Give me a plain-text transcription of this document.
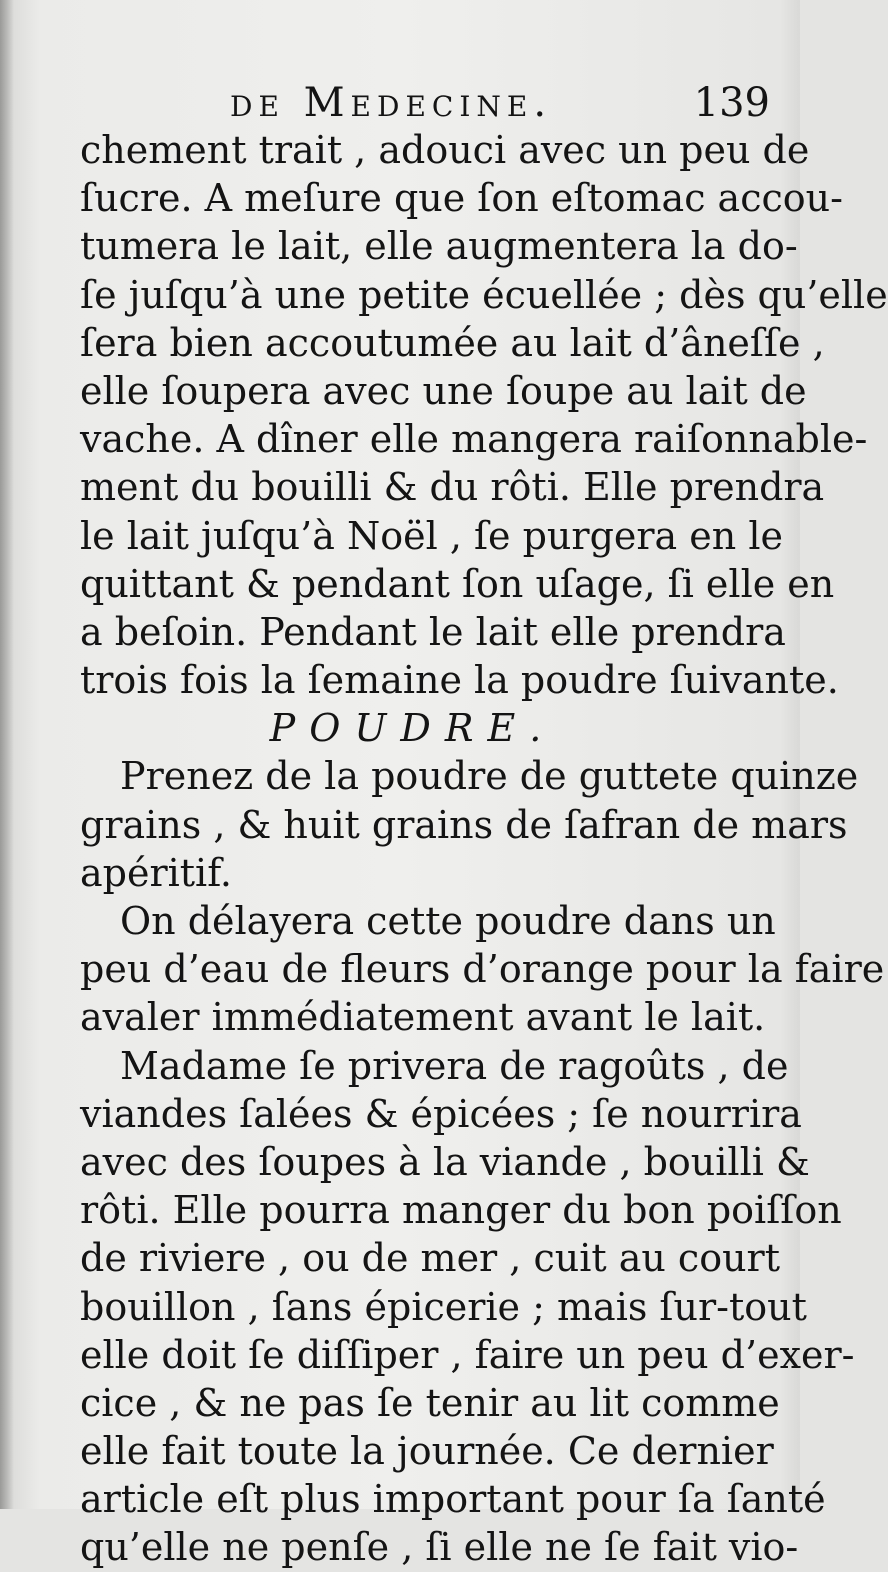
de Medecine.	139
chement trait , adouci avec un peu de
ſucre. A meſure que ſon eſtomac accou-
tumera le lait, elle augmentera la do-
ſe juſqu’à une petite écuellée ; dès qu’elle
ſera bien accoutumée au lait d’âneſſe ,
elle ſoupera avec une ſoupe au lait de
vache. A dîner elle mangera raiſonnable-
ment du bouilli & du rôti. Elle prendra
le lait juſqu’à Noël , ſe purgera en le
quittant & pendant ſon uſage, ſi elle en
a beſoin. Pendant le lait elle prendra
trois fois la ſemaine la poudre ſuivante.
POUDRE.
Prenez de la poudre de guttete quinze
grains , & huit grains de ſafran de mars
apéritif.
On délayera cette poudre dans un
peu d’eau de fleurs d’orange pour la faire
avaler immédiatement avant le lait.
Madame ſe privera de ragoûts , de
viandes ſalées & épicées ; ſe nourrira
avec des ſoupes à la viande , bouilli &
rôti. Elle pourra manger du bon poiſſon
de riviere , ou de mer , cuit au court
bouillon , ſans épicerie ; mais ſur-tout
elle doit ſe diſſiper , faire un peu d’exer-
cice , & ne pas ſe tenir au lit comme
elle fait toute la journée. Ce dernier
article eſt plus important pour ſa ſanté
qu’elle ne penſe , ſi elle ne ſe fait vio-
